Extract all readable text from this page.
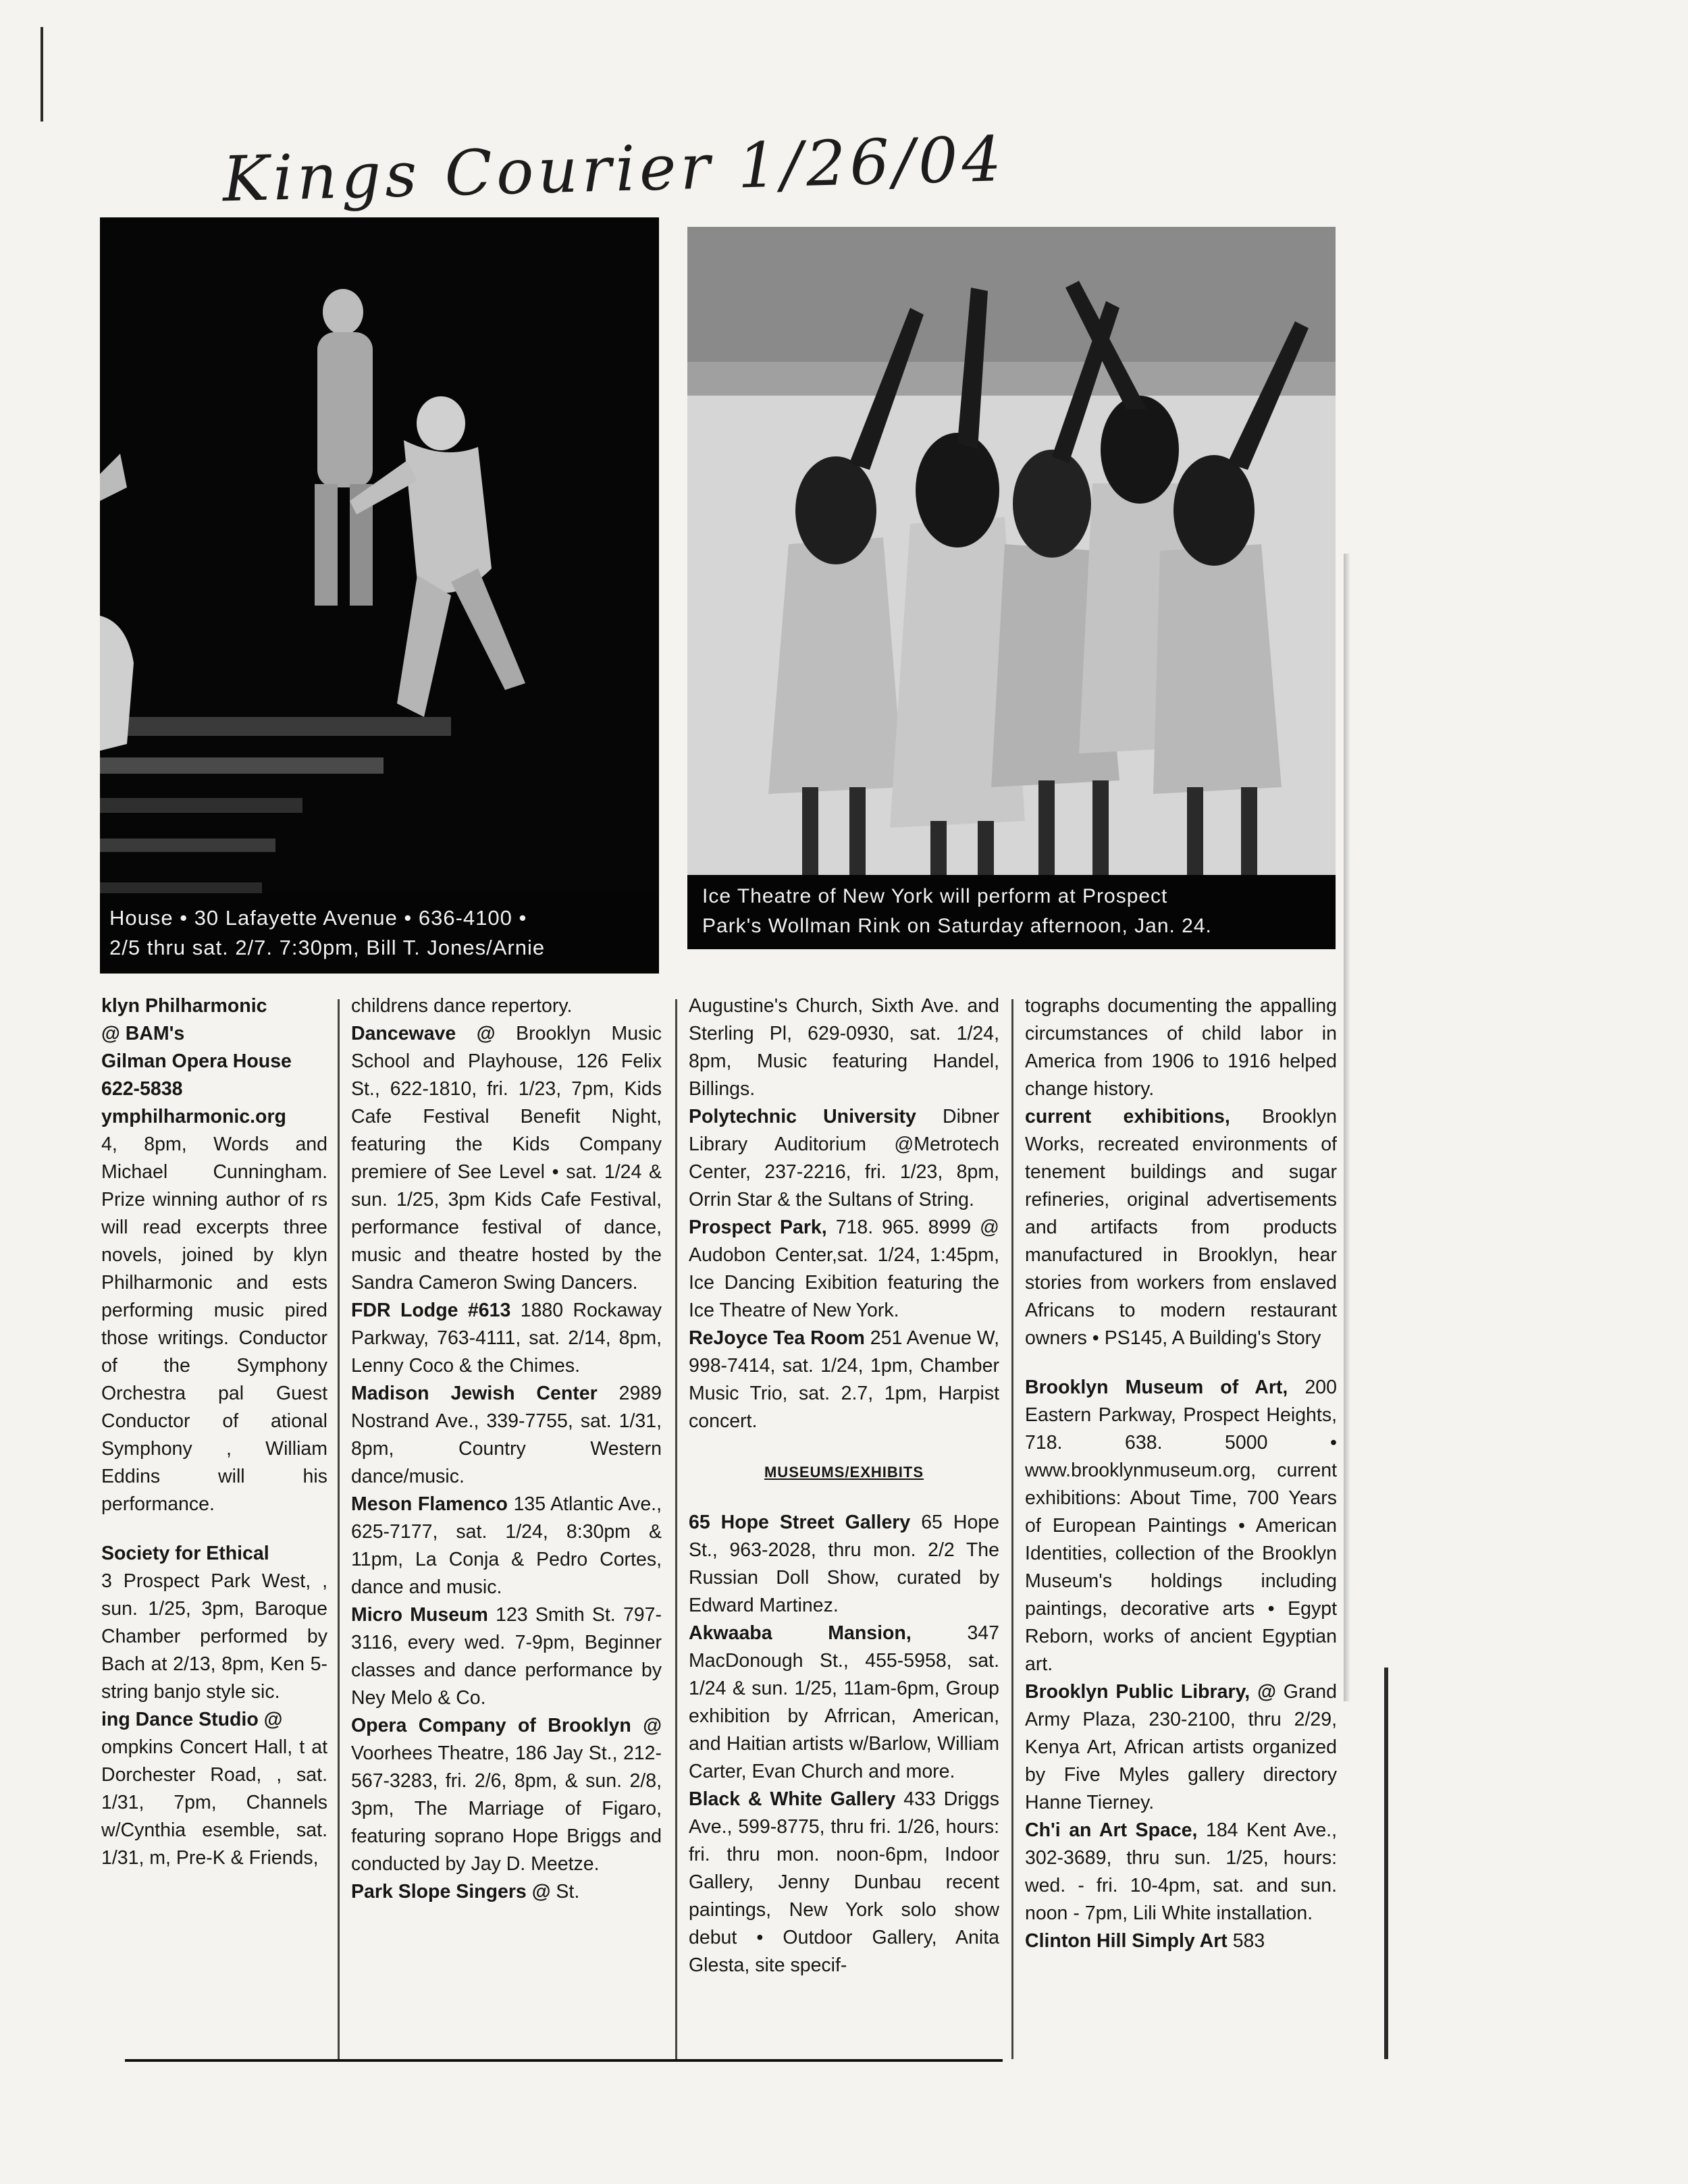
Kings Courier 1/26/04
House • 30 Lafayette Avenue • 636-4100 •
2/5 thru sat. 2/7. 7:30pm, Bill T. Jones/Arnie
Ice Theatre of New York will perform at Prospect
Park's Wollman Rink on Saturday afternoon, Jan. 24.

klyn Philharmonic

@ BAM's

Gilman Opera House

622-5838

ymphilharmonic.org

4, 8pm, Words and Michael Cunningham. Prize winning author of rs will read excerpts three novels, joined by klyn Philharmonic and ests performing music pired those writings. Conductor of the Symphony Orchestra pal Guest Conductor of ational Symphony , William Eddins will his performance.

Society for Ethical

3 Prospect Park West, , sun. 1/25, 3pm, Baroque Chamber performed by Bach at 2/13, 8pm, Ken 5-string banjo style sic.

ing Dance Studio @

ompkins Concert Hall, t at Dorchester Road, , sat. 1/31, 7pm, Channels w/Cynthia esemble, sat. 1/31, m, Pre-K & Friends,

childrens dance repertory.

Dancewave @ Brooklyn Music School and Playhouse, 126 Felix St., 622-1810, fri. 1/23, 7pm, Kids Cafe Festival Benefit Night, featuring the Kids Company premiere of See Level • sat. 1/24 & sun. 1/25, 3pm Kids Cafe Festival, performance festival of dance, music and theatre hosted by the Sandra Cameron Swing Dancers.

FDR Lodge #613 1880 Rockaway Parkway, 763-4111, sat. 2/14, 8pm, Lenny Coco & the Chimes.

Madison Jewish Center 2989 Nostrand Ave., 339-7755, sat. 1/31, 8pm, Country Western dance/music.

Meson Flamenco 135 Atlantic Ave., 625-7177, sat. 1/24, 8:30pm & 11pm, La Conja & Pedro Cortes, dance and music.

Micro Museum 123 Smith St. 797-3116, every wed. 7-9pm, Beginner classes and dance performance by Ney Melo & Co.

Opera Company of Brooklyn @ Voorhees Theatre, 186 Jay St., 212-567-3283, fri. 2/6, 8pm, & sun. 2/8, 3pm, The Marriage of Figaro, featuring soprano Hope Briggs and conducted by Jay D. Meetze.

Park Slope Singers @ St.

Augustine's Church, Sixth Ave. and Sterling Pl, 629-0930, sat. 1/24, 8pm, Music featuring Handel, Billings.

Polytechnic University Dibner Library Auditorium @Metrotech Center, 237-2216, fri. 1/23, 8pm, Orrin Star & the Sultans of String.

Prospect Park, 718. 965. 8999 @ Audobon Center,sat. 1/24, 1:45pm, Ice Dancing Exibition featuring the Ice Theatre of New York.

ReJoyce Tea Room 251 Avenue W, 998-7414, sat. 1/24, 1pm, Chamber Music Trio, sat. 2.7, 1pm, Harpist concert.

MUSEUMS/EXHIBITS

65 Hope Street Gallery 65 Hope St., 963-2028, thru mon. 2/2 The Russian Doll Show, curated by Edward Martinez.

Akwaaba Mansion,	347 MacDonough St., 455-5958, sat. 1/24 & sun. 1/25, 11am-6pm, Group exhibition by Afrrican, American, and Haitian artists w/Barlow, William Carter, Evan Church and more.

Black & White Gallery 433 Driggs Ave., 599-8775, thru fri. 1/26, hours: fri. thru mon. noon-6pm, Indoor Gallery, Jenny Dunbau recent paintings, New York solo show debut • Outdoor Gallery, Anita Glesta, site specif-

tographs documenting the appalling circumstances of child labor in America from 1906 to 1916 helped change history.

current exhibitions, Brooklyn Works, recreated environments of tenement buildings and sugar refineries, original advertisements and artifacts from products manufactured in Brooklyn, hear stories from workers from enslaved Africans to modern restaurant owners • PS145, A Building's Story

Brooklyn Museum of Art, 200 Eastern Parkway, Prospect Heights, 718. 638. 5000 • www.brooklynmuseum.org, current exhibitions: About Time, 700 Years of European Paintings • American Identities, collection of the Brooklyn Museum's holdings including paintings, decorative arts • Egypt Reborn, works of ancient Egyptian art.

Brooklyn Public Library, @ Grand Army Plaza, 230-2100, thru 2/29, Kenya Art, African artists organized by Five Myles gallery directory Hanne Tierney.

Ch'i an Art Space, 184 Kent Ave., 302-3689, thru sun. 1/25, hours: wed. - fri. 10-4pm, sat. and sun. noon - 7pm, Lili White installation.

Clinton Hill Simply Art 583
